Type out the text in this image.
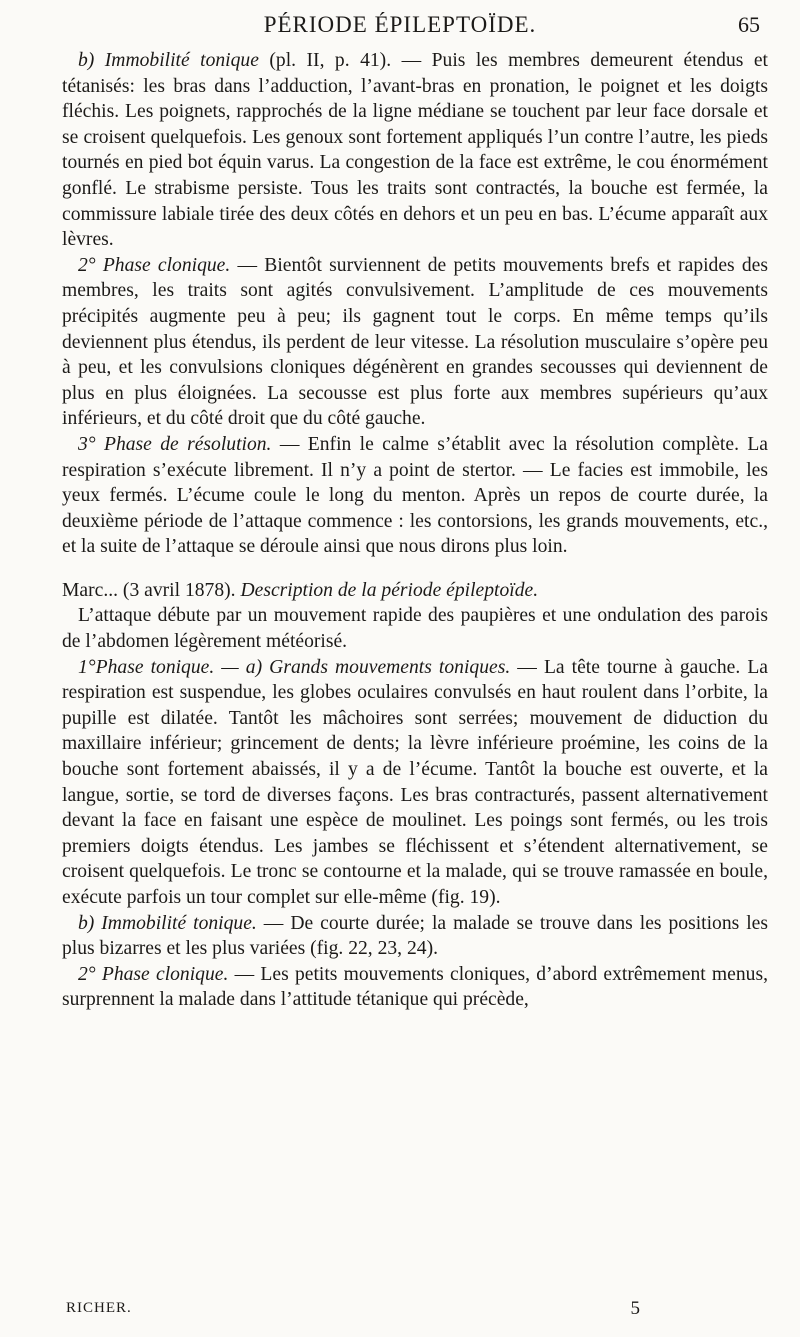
PÉRIODE ÉPILEPTOÏDE.	65

b) Immobilité tonique (pl. II, p. 41). — Puis les membres demeurent étendus et tétanisés: les bras dans l’adduction, l’avant-bras en pronation, le poignet et les doigts fléchis. Les poignets, rapprochés de la ligne médiane se touchent par leur face dorsale et se croisent quelquefois. Les genoux sont fortement appliqués l’un contre l’autre, les pieds tournés en pied bot équin varus. La congestion de la face est extrême, le cou énormément gonflé. Le strabisme persiste. Tous les traits sont contractés, la bouche est fermée, la commissure labiale tirée des deux côtés en dehors et un peu en bas. L’écume apparaît aux lèvres.

2° Phase clonique. — Bientôt surviennent de petits mouvements brefs et rapides des membres, les traits sont agités convulsivement. L’amplitude de ces mouvements précipités augmente peu à peu; ils gagnent tout le corps. En même temps qu’ils deviennent plus étendus, ils perdent de leur vitesse. La résolution musculaire s’opère peu à peu, et les convulsions cloniques dégénèrent en grandes secousses qui deviennent de plus en plus éloignées. La secousse est plus forte aux membres supérieurs qu’aux inférieurs, et du côté droit que du côté gauche.

3° Phase de résolution. — Enfin le calme s’établit avec la résolution complète. La respiration s’exécute librement. Il n’y a point de stertor. — Le facies est immobile, les yeux fermés. L’écume coule le long du menton. Après un repos de courte durée, la deuxième période de l’attaque commence : les contorsions, les grands mouvements, etc., et la suite de l’attaque se déroule ainsi que nous dirons plus loin.

Marc... (3 avril 1878). Description de la période épileptoïde.

L’attaque débute par un mouvement rapide des paupières et une ondulation des parois de l’abdomen légèrement météorisé.

1°Phase tonique. — a) Grands mouvements toniques. — La tête tourne à gauche. La respiration est suspendue, les globes oculaires convulsés en haut roulent dans l’orbite, la pupille est dilatée. Tantôt les mâchoires sont serrées; mouvement de diduction du maxillaire inférieur; grincement de dents; la lèvre inférieure proémine, les coins de la bouche sont fortement abaissés, il y a de l’écume. Tantôt la bouche est ouverte, et la langue, sortie, se tord de diverses façons. Les bras contracturés, passent alternativement devant la face en faisant une espèce de moulinet. Les poings sont fermés, ou les trois premiers doigts étendus. Les jambes se fléchissent et s’étendent alternativement, se croisent quelquefois. Le tronc se contourne et la malade, qui se trouve ramassée en boule, exécute parfois un tour complet sur elle-même (fig. 19).

b) Immobilité tonique. — De courte durée; la malade se trouve dans les positions les plus bizarres et les plus variées (fig. 22, 23, 24).

2° Phase clonique. — Les petits mouvements cloniques, d’abord extrêmement menus, surprennent la malade dans l’attitude tétanique qui précède,

RICHER.	5
